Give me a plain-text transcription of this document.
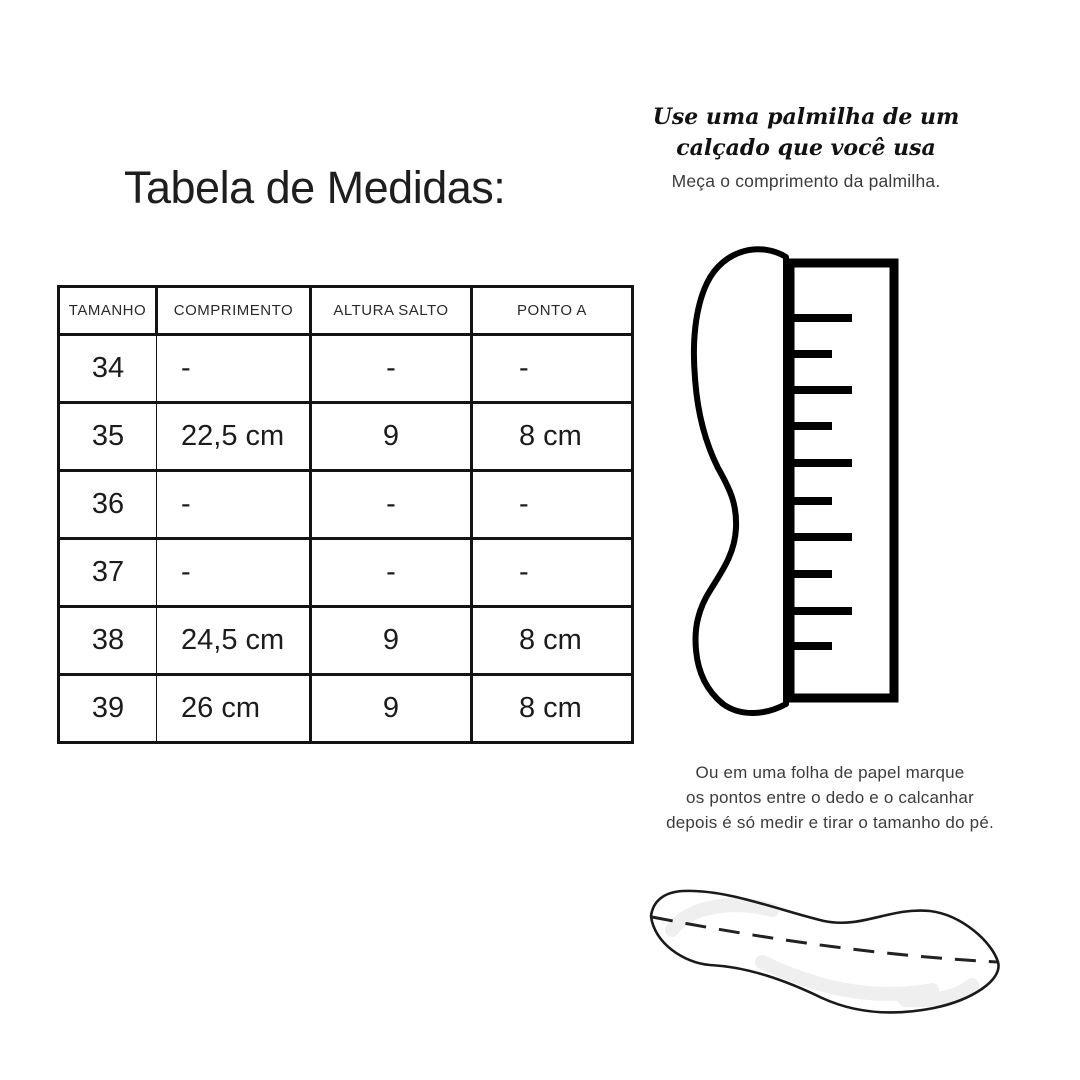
Tabela de Medidas:
TAMANHO	COMPRIMENTO	ALTURA SALTO	PONTO A
34	-	-	-
35	22,5 cm	9	8 cm
36	-	-	-
37	-	-	-
38	24,5 cm	9	8 cm
39	26 cm	9	8 cm
Use uma palmilha de um
calçado que você usa
Meça o comprimento da palmilha.
Ou em uma folha de papel marque
os pontos entre o dedo e o calcanhar
depois é só medir e tirar o tamanho do pé.
